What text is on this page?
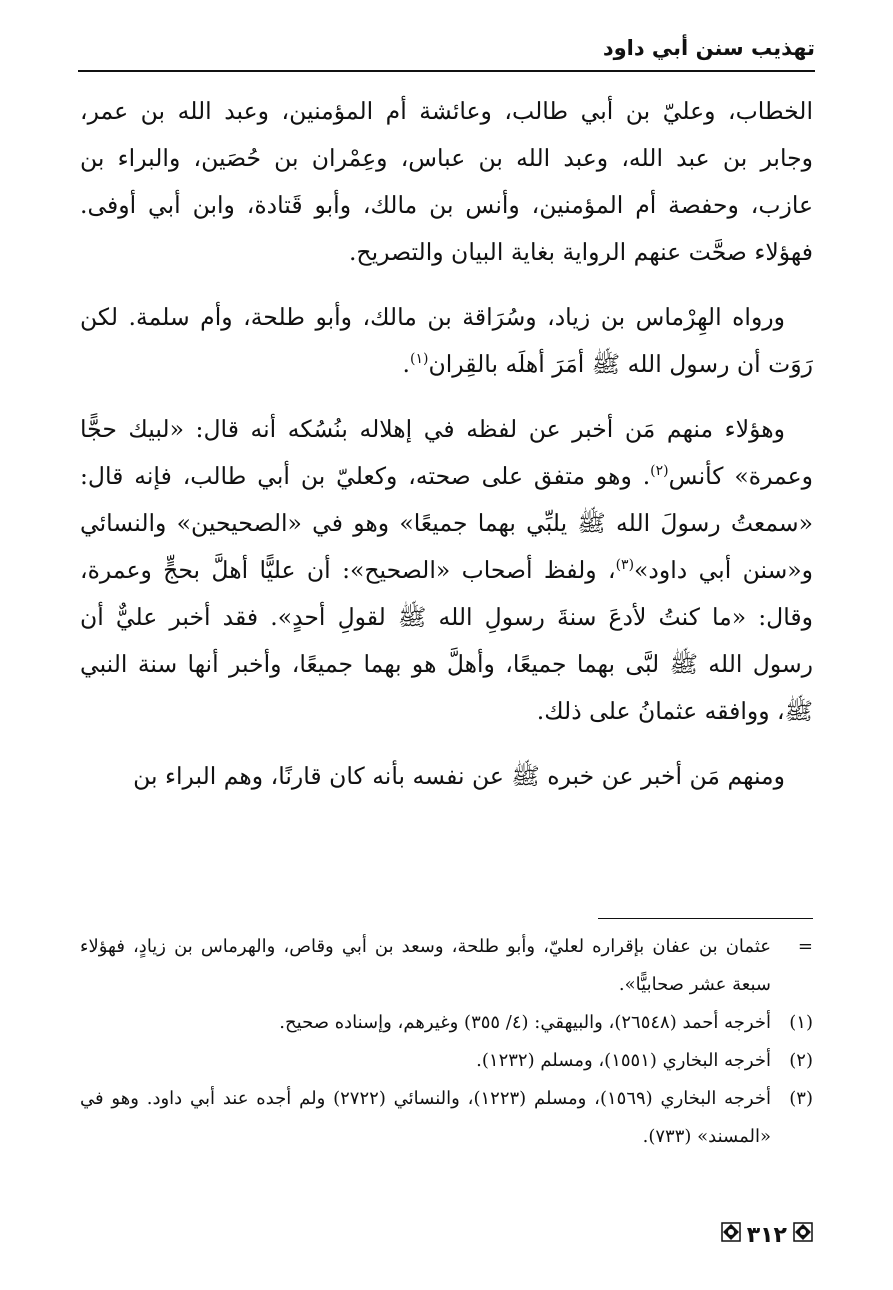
تهذيب سنن أبي داود

الخطاب، وعليّ بن أبي طالب، وعائشة أم المؤمنين، وعبد الله بن عمر، وجابر بن عبد الله، وعبد الله بن عباس، وعِمْران بن حُصَين، والبراء بن عازب، وحفصة أم المؤمنين، وأنس بن مالك، وأبو قَتادة، وابن أبي أوفى. فهؤلاء صحَّت عنهم الرواية بغاية البيان والتصريح.

ورواه الهِرْماس بن زياد، وسُرَاقة بن مالك، وأبو طلحة، وأم سلمة. لكن رَوَت أن رسول الله ﷺ أمَرَ أهلَه بالقِران$^{(١)}$.

وهؤلاء منهم مَن أخبر عن لفظه في إهلاله بنُسُكه أنه قال: «لبيك حجًّا وعمرة» كأنس$^{(٢)}$. وهو متفق على صحته، وكعليّ بن أبي طالب، فإنه قال: «سمعتُ رسولَ الله ﷺ يلبِّي بهما جميعًا» وهو في «الصحيحين» والنسائي و«سنن أبي داود»$^{(٣)}$، ولفظ أصحاب «الصحيح»: أن عليًّا أهلَّ بحجٍّ وعمرة، وقال: «ما كنتُ لأدعَ سنةَ رسولِ الله ﷺ لقولِ أحدٍ». فقد أخبر عليٌّ أن رسول الله ﷺ لبَّى بهما جميعًا، وأهلَّ هو بهما جميعًا، وأخبر أنها سنة النبي ﷺ، ووافقه عثمانُ على ذلك.

ومنهم مَن أخبر عن خبره ﷺ عن نفسه بأنه كان قارنًا، وهم البراء بن

=
عثمان بن عفان بإقراره لعليّ، وأبو طلحة، وسعد بن أبي وقاص، والهرماس بن زيادٍ، فهؤلاء سبعة عشر صحابيًّا».
(١)
أخرجه أحمد (٢٦٥٤٨)، والبيهقي: (٤/ ٣٥٥) وغيرهم، وإسناده صحيح.
(٢)
أخرجه البخاري (١٥٥١)، ومسلم (١٢٣٢).
(٣)
أخرجه البخاري (١٥٦٩)، ومسلم (١٢٢٣)، والنسائي (٢٧٢٢) ولم أجده عند أبي داود. وهو في «المسند» (٧٣٣).
٣١٢
